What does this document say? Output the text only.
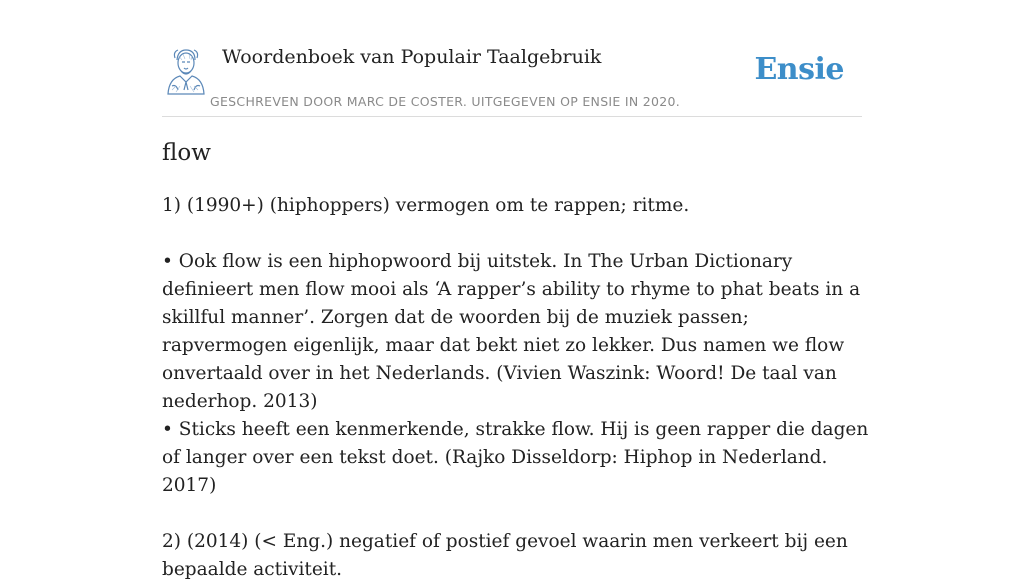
Woordenboek van Populair Taalgebruik
GESCHREVEN DOOR MARC DE COSTER. UITGEGEVEN OP ENSIE IN 2020.
Ensie
flow

1) (1990+) (hiphoppers) vermogen om te rappen; ritme.

• Ook flow is een hiphopwoord bij uitstek. In The Urban Dictionary definieert men flow mooi als ‘A rapper’s ability to rhyme to phat beats in a skillful manner’. Zorgen dat de woorden bij de muziek passen; rapvermogen eigenlijk, maar dat bekt niet zo lekker. Dus namen we flow onvertaald over in het Nederlands. (Vivien Waszink: Woord! De taal van nederhop. 2013)

• Sticks heeft een kenmerkende, strakke flow. Hij is geen rapper die dagen of langer over een tekst doet. (Rajko Disseldorp: Hiphop in Nederland. 2017)

2) (2014) (< Eng.) negatief of postief gevoel waarin men verkeert bij een bepaalde activiteit.
